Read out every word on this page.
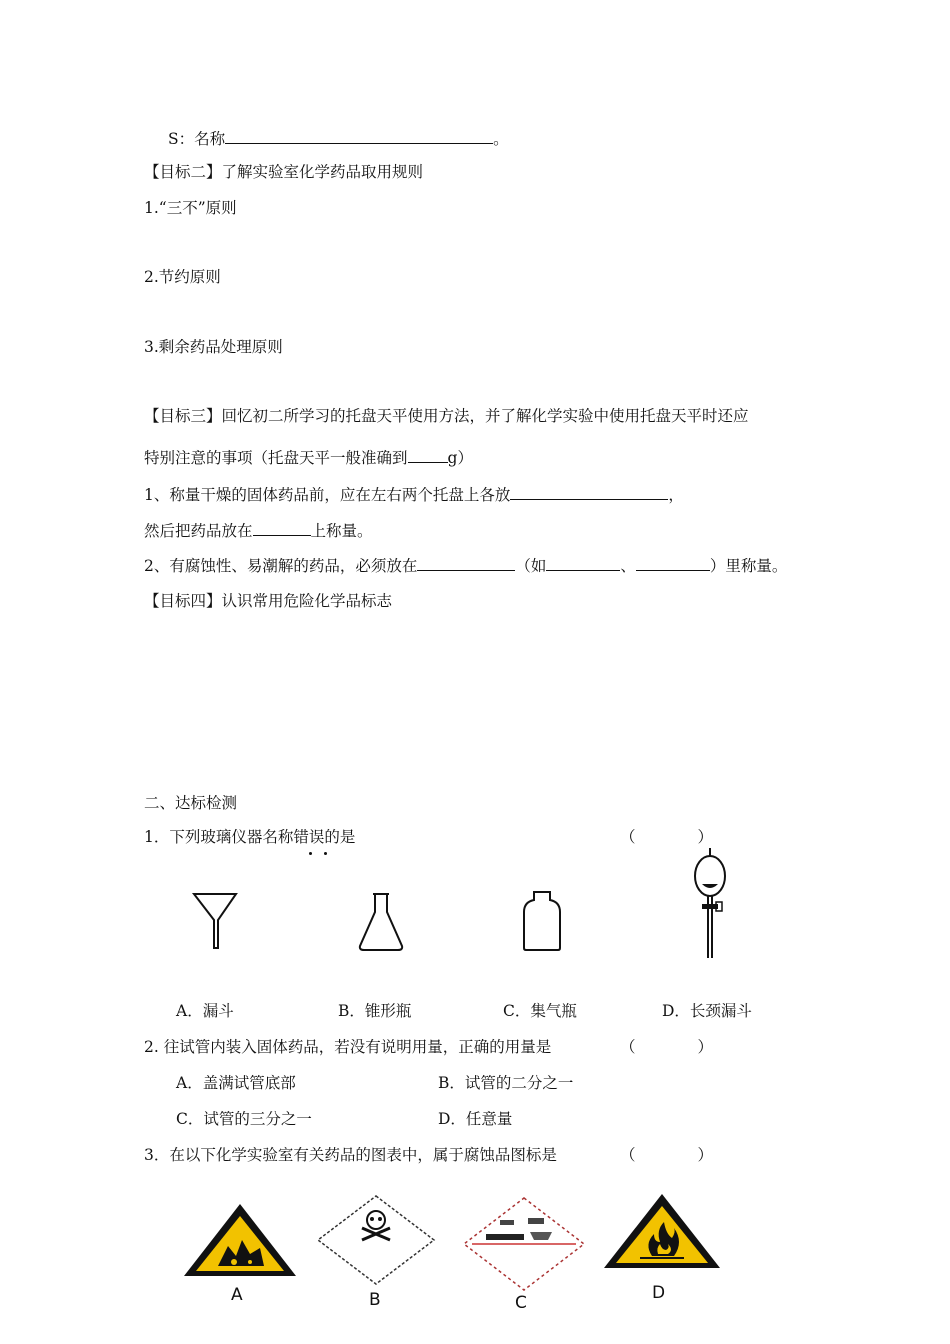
S：名称	。
【目标二】了解实验室化学药品取用规则
1.“三不”原则
2.节约原则
3.剩余药品处理原则
【目标三】回忆初二所学习的托盘天平使用方法，并了解化学实验中使用托盘天平时还应
特别注意的事项（托盘天平一般准确到	g）
1、称量干燥的固体药品前，应在左右两个托盘上各放	，
然后把药品放在	上称量。
2、有腐蚀性、易潮解的药品，必须放在	（如	、	）里称量。
【目标四】认识常用危险化学品标志
二、达标检测
1．下列玻璃仪器名称错误的是	（　　　　）
A．漏斗	B．锥形瓶	C．集气瓶	D．长颈漏斗
2. 往试管内装入固体药品，若没有说明用量，正确的用量是	（　　　　）
A．盖满试管底部	B．试管的二分之一
C．试管的三分之一	D．任意量
3．在以下化学实验室有关药品的图表中，属于腐蚀品图标是	（　　　　）
A	B	C	D
